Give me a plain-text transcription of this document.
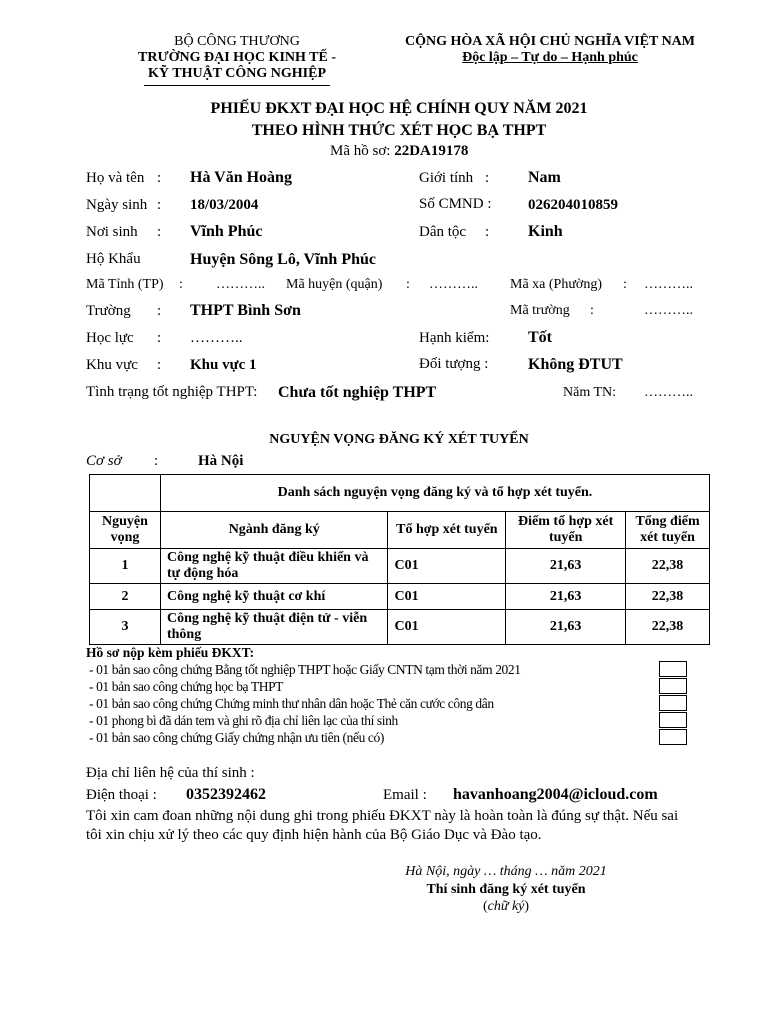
BỘ CÔNG THƯƠNG
TRƯỜNG ĐẠI HỌC KINH TẾ -
KỸ THUẬT CÔNG NGHIỆP
CỘNG HÒA XÃ HỘI CHỦ NGHĨA VIỆT NAM
Độc lập – Tự do – Hạnh phúc
PHIẾU ĐKXT ĐẠI HỌC HỆ CHÍNH QUY NĂM 2021
THEO HÌNH THỨC XÉT HỌC BẠ THPT
Mã hồ sơ: 22DA19178
Họ và tên : Hà Văn Hoàng	Giới tính : Nam
Ngày sinh : 18/03/2004	Số CMND : 026204010859
Nơi sinh : Vĩnh Phúc	Dân tộc : Kinh
Hộ Khẩu	Huyện Sông Lô, Vĩnh Phúc
Mã Tỉnh (TP) : ……….. Mã huyện (quận) : ……….. Mã xa (Phường) : ………..
Trường : THPT Bình Sơn	Mã trường :	………..
Học lực : ………..	Hạnh kiểm: Tốt
Khu vực : Khu vực 1	Đối tượng : Không ĐTUT
Tình trạng tốt nghiệp THPT: Chưa tốt nghiệp THPT	Năm TN: ………..
NGUYỆN VỌNG ĐĂNG KÝ XÉT TUYỂN
Cơ sở :	Hà Nội
	Danh sách nguyện vọng đăng ký và tổ hợp xét tuyển.			
Nguyện vọng	Ngành đăng ký	Tổ hợp xét tuyển	Điểm tổ hợp xét tuyển	Tổng điểm xét tuyển
1	Công nghệ kỹ thuật điều khiển và tự động hóa	C01	21,63	22,38
2	Công nghệ kỹ thuật cơ khí	C01	21,63	22,38
3	Công nghệ kỹ thuật điện tử - viễn thông	C01	21,63	22,38
Hồ sơ nộp kèm phiếu ĐKXT:
- 01 bản sao công chứng Bằng tốt nghiệp THPT hoặc Giấy CNTN tạm thời năm 2021
- 01 bản sao công chứng học bạ THPT
- 01 bản sao công chứng Chứng minh thư nhân dân hoặc Thẻ căn cước công dân
- 01 phong bì đã dán tem và ghi rõ địa chỉ liên lạc của thí sinh
- 01 bản sao công chứng Giấy chứng nhận ưu tiên (nếu có)
Địa chỉ liên hệ của thí sinh :
Điện thoại : 0352392462	Email : havanhoang2004@icloud.com
Tôi xin cam đoan những nội dung ghi trong phiếu ĐKXT này là hoàn toàn là đúng sự thật. Nếu sai
tôi xin chịu xử lý theo các quy định hiện hành của Bộ Giáo Dục và Đào tạo.
Hà Nội, ngày … tháng … năm 2021
Thí sinh đăng ký xét tuyển
(chữ ký)
